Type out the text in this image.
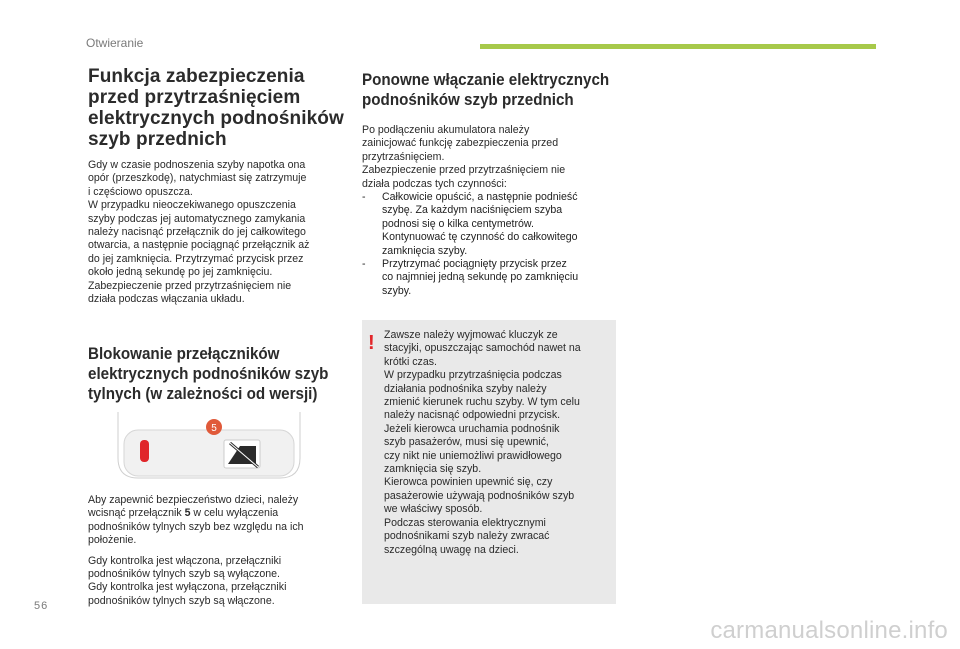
Otwieranie
Funkcja zabezpieczenia
przed przytrzaśnięciem
elektrycznych podnośników
szyb przednich

Gdy w czasie podnoszenia szyby napotka ona
opór (przeszkodę), natychmiast się zatrzymuje
i częściowo opuszcza.
W przypadku nieoczekiwanego opuszczenia
szyby podczas jej automatycznego zamykania
należy nacisnąć przełącznik do jej całkowitego
otwarcia, a następnie pociągnąć przełącznik aż
do jej zamknięcia. Przytrzymać przycisk przez
około jedną sekundę po jej zamknięciu.
Zabezpieczenie przed przytrzaśnięciem nie
działa podczas włączania układu.

Blokowanie przełączników
elektrycznych podnośników szyb
tylnych (w zależności od wersji)
5

Aby zapewnić bezpieczeństwo dzieci, należy
wcisnąć przełącznik 5 w celu wyłączenia
podnośników tylnych szyb bez względu na ich
położenie.

Gdy kontrolka jest włączona, przełączniki
podnośników tylnych szyb są wyłączone.
Gdy kontrolka jest wyłączona, przełączniki
podnośników tylnych szyb są włączone.

Ponowne włączanie elektrycznych
podnośników szyb przednich

Po podłączeniu akumulatora należy
zainicjować funkcję zabezpieczenia przed
przytrzaśnięciem.
Zabezpieczenie przed przytrzaśnięciem nie
działa podczas tych czynności:

-	Całkowicie opuścić, a następnie podnieść
szybę. Za każdym naciśnięciem szyba
podnosi się o kilka centymetrów.
Kontynuować tę czynność do całkowitego
zamknięcia szyby.
-	Przytrzymać pociągnięty przycisk przez
co najmniej jedną sekundę po zamknięciu
szyby.
! Zawsze należy wyjmować kluczyk ze
stacyjki, opuszczając samochód nawet na
krótki czas.
W przypadku przytrzaśnięcia podczas
działania podnośnika szyby należy
zmienić kierunek ruchu szyby. W tym celu
należy nacisnąć odpowiedni przycisk.
Jeżeli kierowca uruchamia podnośnik
szyb pasażerów, musi się upewnić,
czy nikt nie uniemożliwi prawidłowego
zamknięcia się szyb.
Kierowca powinien upewnić się, czy
pasażerowie używają podnośników szyb
we właściwy sposób.
Podczas sterowania elektrycznymi
podnośnikami szyb należy zwracać
szczególną uwagę na dzieci.
56
carmanualsonline.info
